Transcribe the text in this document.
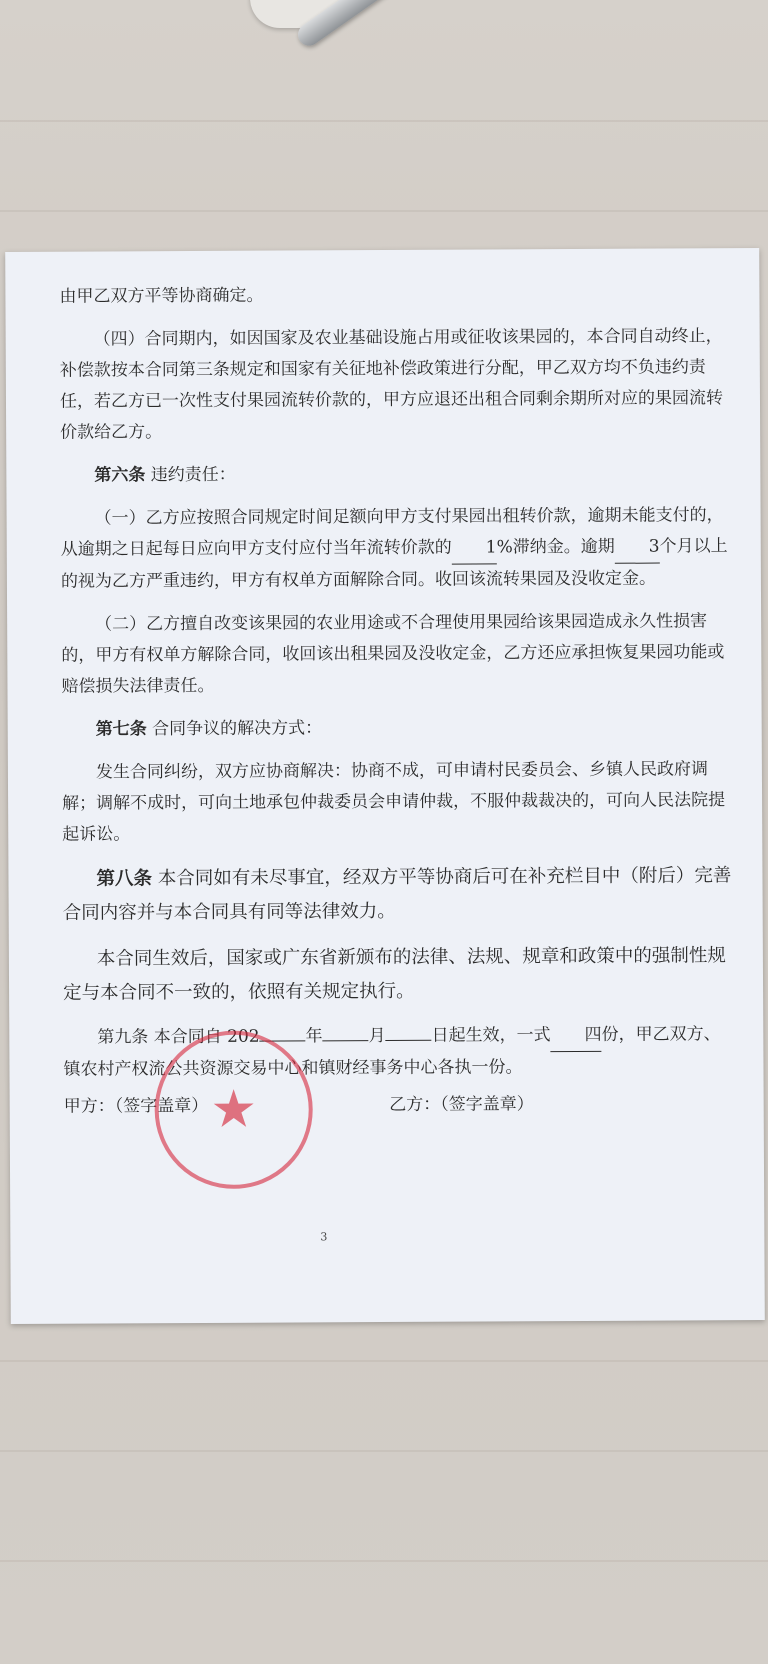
由甲乙双方平等协商确定。

（四）合同期内，如因国家及农业基础设施占用或征收该果园的，本合同自动终止，补偿款按本合同第三条规定和国家有关征地补偿政策进行分配，甲乙双方均不负违约责任，若乙方已一次性支付果园流转价款的，甲方应退还出租合同剩余期所对应的果园流转价款给乙方。

第六条 违约责任：

（一）乙方应按照合同规定时间足额向甲方支付果园出租转价款，逾期未能支付的，从逾期之日起每日应向甲方支付应付当年流转价款的 1%滞纳金。逾期 3个月以上的视为乙方严重违约，甲方有权单方面解除合同。收回该流转果园及没收定金。

（二）乙方擅自改变该果园的农业用途或不合理使用果园给该果园造成永久性损害的，甲方有权单方解除合同，收回该出租果园及没收定金，乙方还应承担恢复果园功能或赔偿损失法律责任。

第七条 合同争议的解决方式：

发生合同纠纷，双方应协商解决：协商不成，可申请村民委员会、乡镇人民政府调解；调解不成时，可向土地承包仲裁委员会申请仲裁，不服仲裁裁决的，可向人民法院提起诉讼。

第八条 本合同如有未尽事宜，经双方平等协商后可在补充栏目中（附后）完善合同内容并与本合同具有同等法律效力。

本合同生效后，国家或广东省新颁布的法律、法规、规章和政策中的强制性规定与本合同不一致的，依照有关规定执行。

第九条 本合同自 202	年	月	日起生效，一式 四份，甲乙双方、镇农村产权流公共资源交易中心和镇财经事务中心各执一份。

甲方：（签字盖章）	乙方：（签字盖章）

★
3
